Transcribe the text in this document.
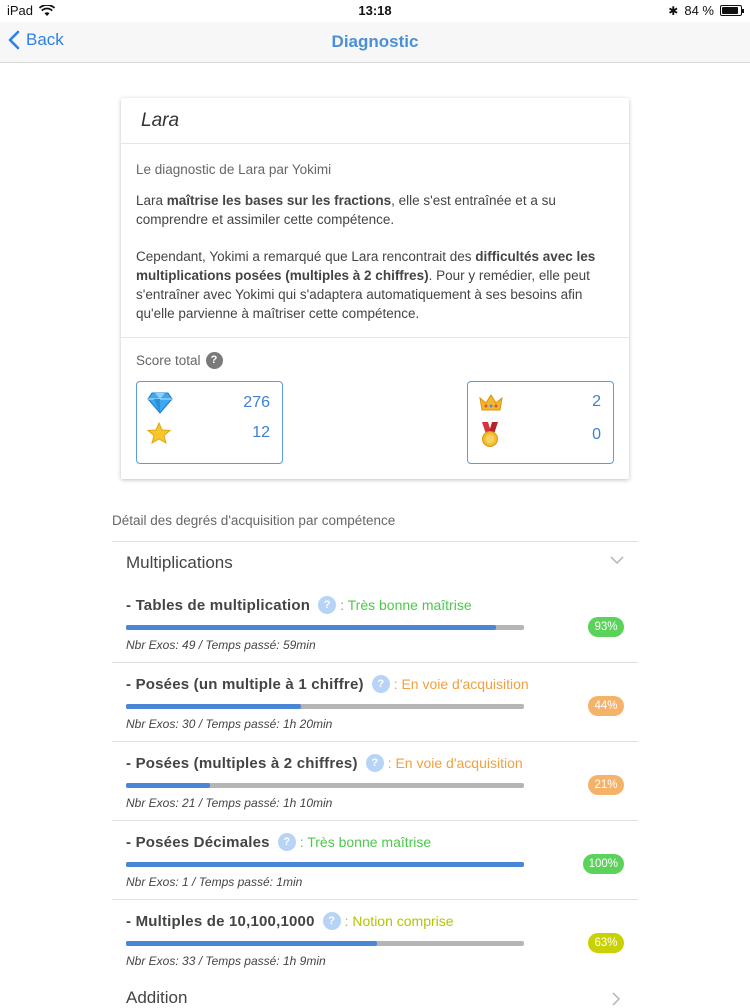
iPad	13:18	✱ 84 %
Back	Diagnostic
Lara
Le diagnostic de Lara par Yokimi

Lara maîtrise les bases sur les fractions, elle s'est entraînée et a su comprendre et assimiler cette compétence.

Cependant, Yokimi a remarqué que Lara rencontrait des difficultés avec les multiplications posées (multiples à 2 chiffres). Pour y remédier, elle peut s'entraîner avec Yokimi qui s'adaptera automatiquement à ses besoins afin qu'elle parvienne à maîtriser cette compétence.

Score total ?
276
12
2
0
Détail des degrés d'acquisition par compétence
Multiplications
- Tables de multiplication	? : Très bonne maîtrise
93%
Nbr Exos: 49 / Temps passé: 59min
- Posées (un multiple à 1 chiffre)	? : En voie d'acquisition
44%
Nbr Exos: 30 / Temps passé: 1h 20min
- Posées (multiples à 2 chiffres)	? : En voie d'acquisition
21%
Nbr Exos: 21 / Temps passé: 1h 10min
- Posées Décimales	? : Très bonne maîtrise
100%
Nbr Exos: 1 / Temps passé: 1min
- Multiples de 10,100,1000	? : Notion comprise
63%
Nbr Exos: 33 / Temps passé: 1h 9min
Addition
